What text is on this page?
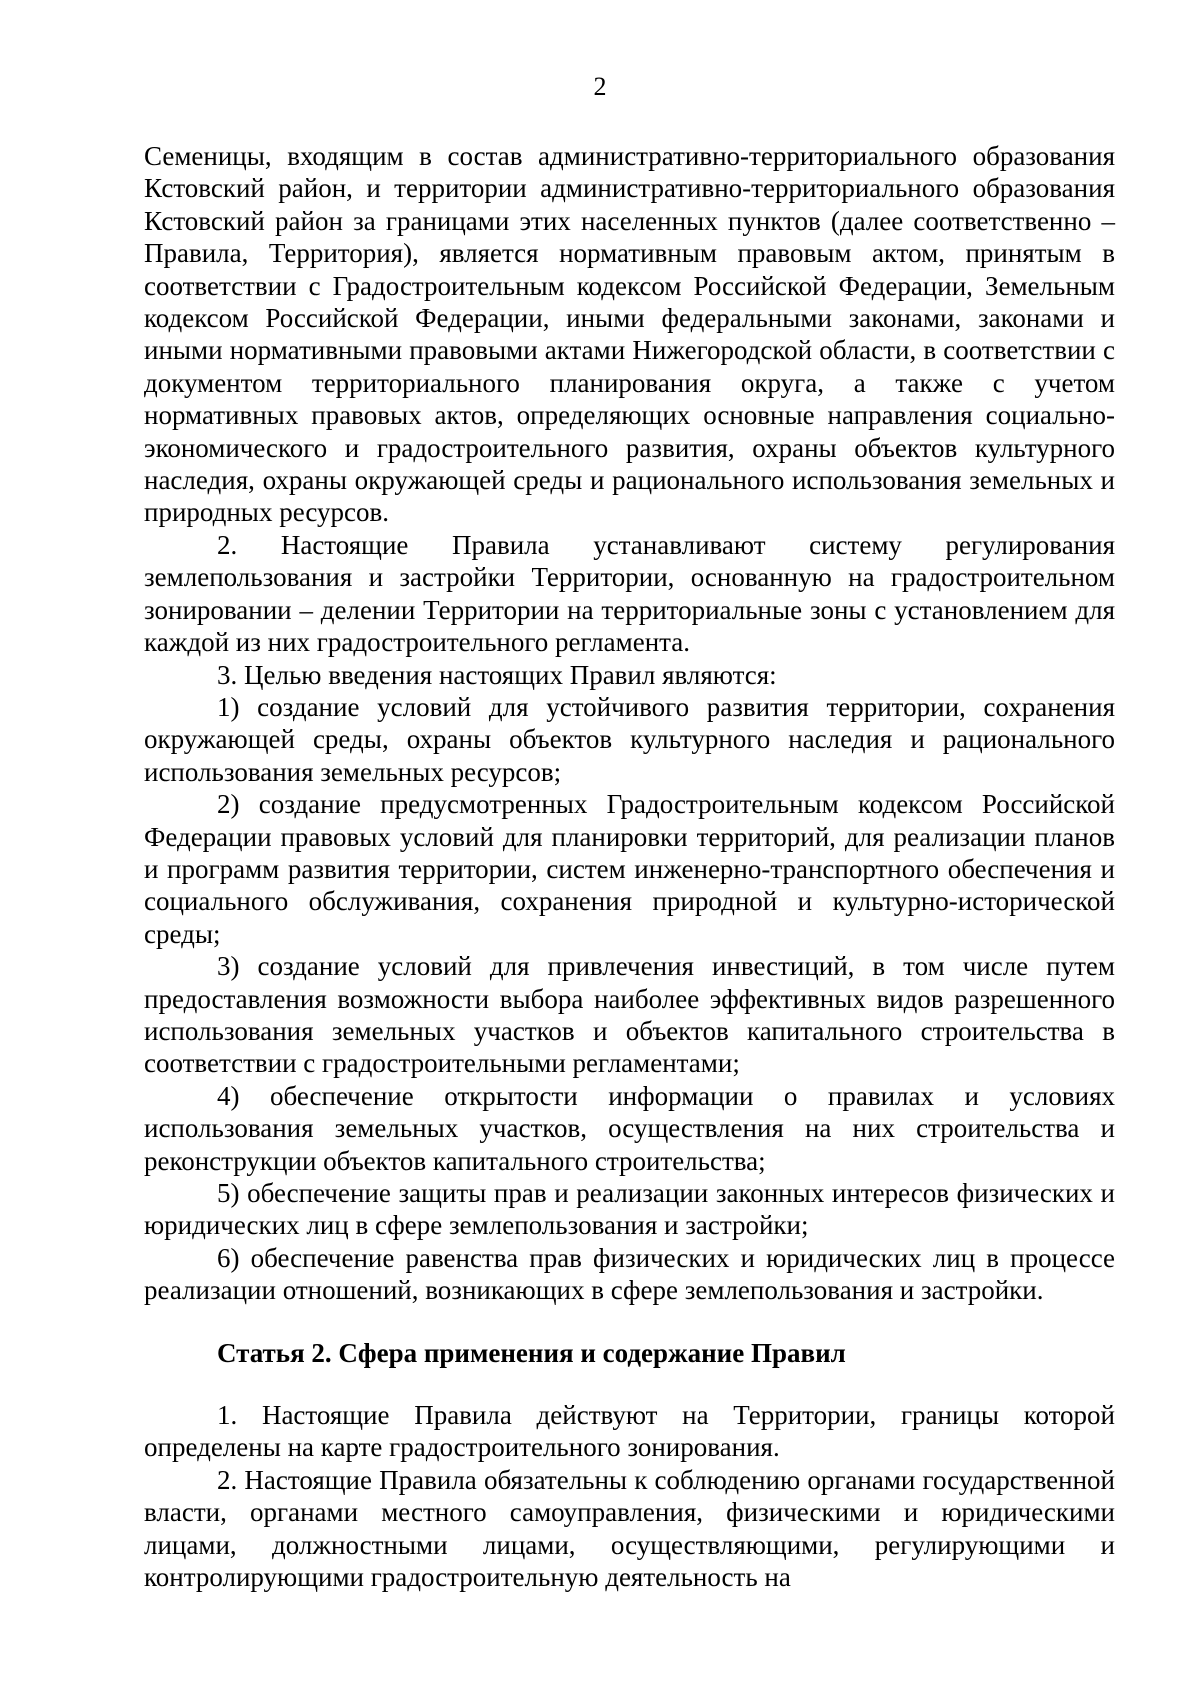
2

Семеницы, входящим в состав административно-территориального образования Кстовский район, и территории административно-территориального образования Кстовский район за границами этих населенных пунктов (далее соответственно – Правила, Территория), является нормативным правовым актом, принятым в соответствии с Градостроительным кодексом Российской Федерации, Земельным кодексом Российской Федерации, иными федеральными законами, законами и иными нормативными правовыми актами Нижегородской области, в соответствии с документом территориального планирования округа, а также с учетом нормативных правовых актов, определяющих основные направления социально-экономического и градостроительного развития, охраны объектов культурного наследия, охраны окружающей среды и рационального использования земельных и природных ресурсов.

2. Настоящие Правила устанавливают систему регулирования землепользования и застройки Территории, основанную на градостроительном зонировании – делении Территории на территориальные зоны с установлением для каждой из них градостроительного регламента.

3. Целью введения настоящих Правил являются:

1) создание условий для устойчивого развития территории, сохранения окружающей среды, охраны объектов культурного наследия и рационального использования земельных ресурсов;

2) создание предусмотренных Градостроительным кодексом Российской Федерации правовых условий для планировки территорий, для реализации планов и программ развития территории, систем инженерно-транспортного обеспечения и социального обслуживания, сохранения природной и культурно-исторической среды;

3) создание условий для привлечения инвестиций, в том числе путем предоставления возможности выбора наиболее эффективных видов разрешенного использования земельных участков и объектов капитального строительства в соответствии с градостроительными регламентами;

4) обеспечение открытости информации о правилах и условиях использования земельных участков, осуществления на них строительства и реконструкции объектов капитального строительства;

5) обеспечение защиты прав и реализации законных интересов физических и юридических лиц в сфере землепользования и застройки;

6) обеспечение равенства прав физических и юридических лиц в процессе реализации отношений, возникающих в сфере землепользования и застройки.

Статья 2. Сфера применения и содержание Правил

1. Настоящие Правила действуют на Территории, границы которой определены на карте градостроительного зонирования.

2. Настоящие Правила обязательны к соблюдению органами государственной власти, органами местного самоуправления, физическими и юридическими лицами, должностными лицами, осуществляющими, регулирующими и контролирующими градостроительную деятельность на
